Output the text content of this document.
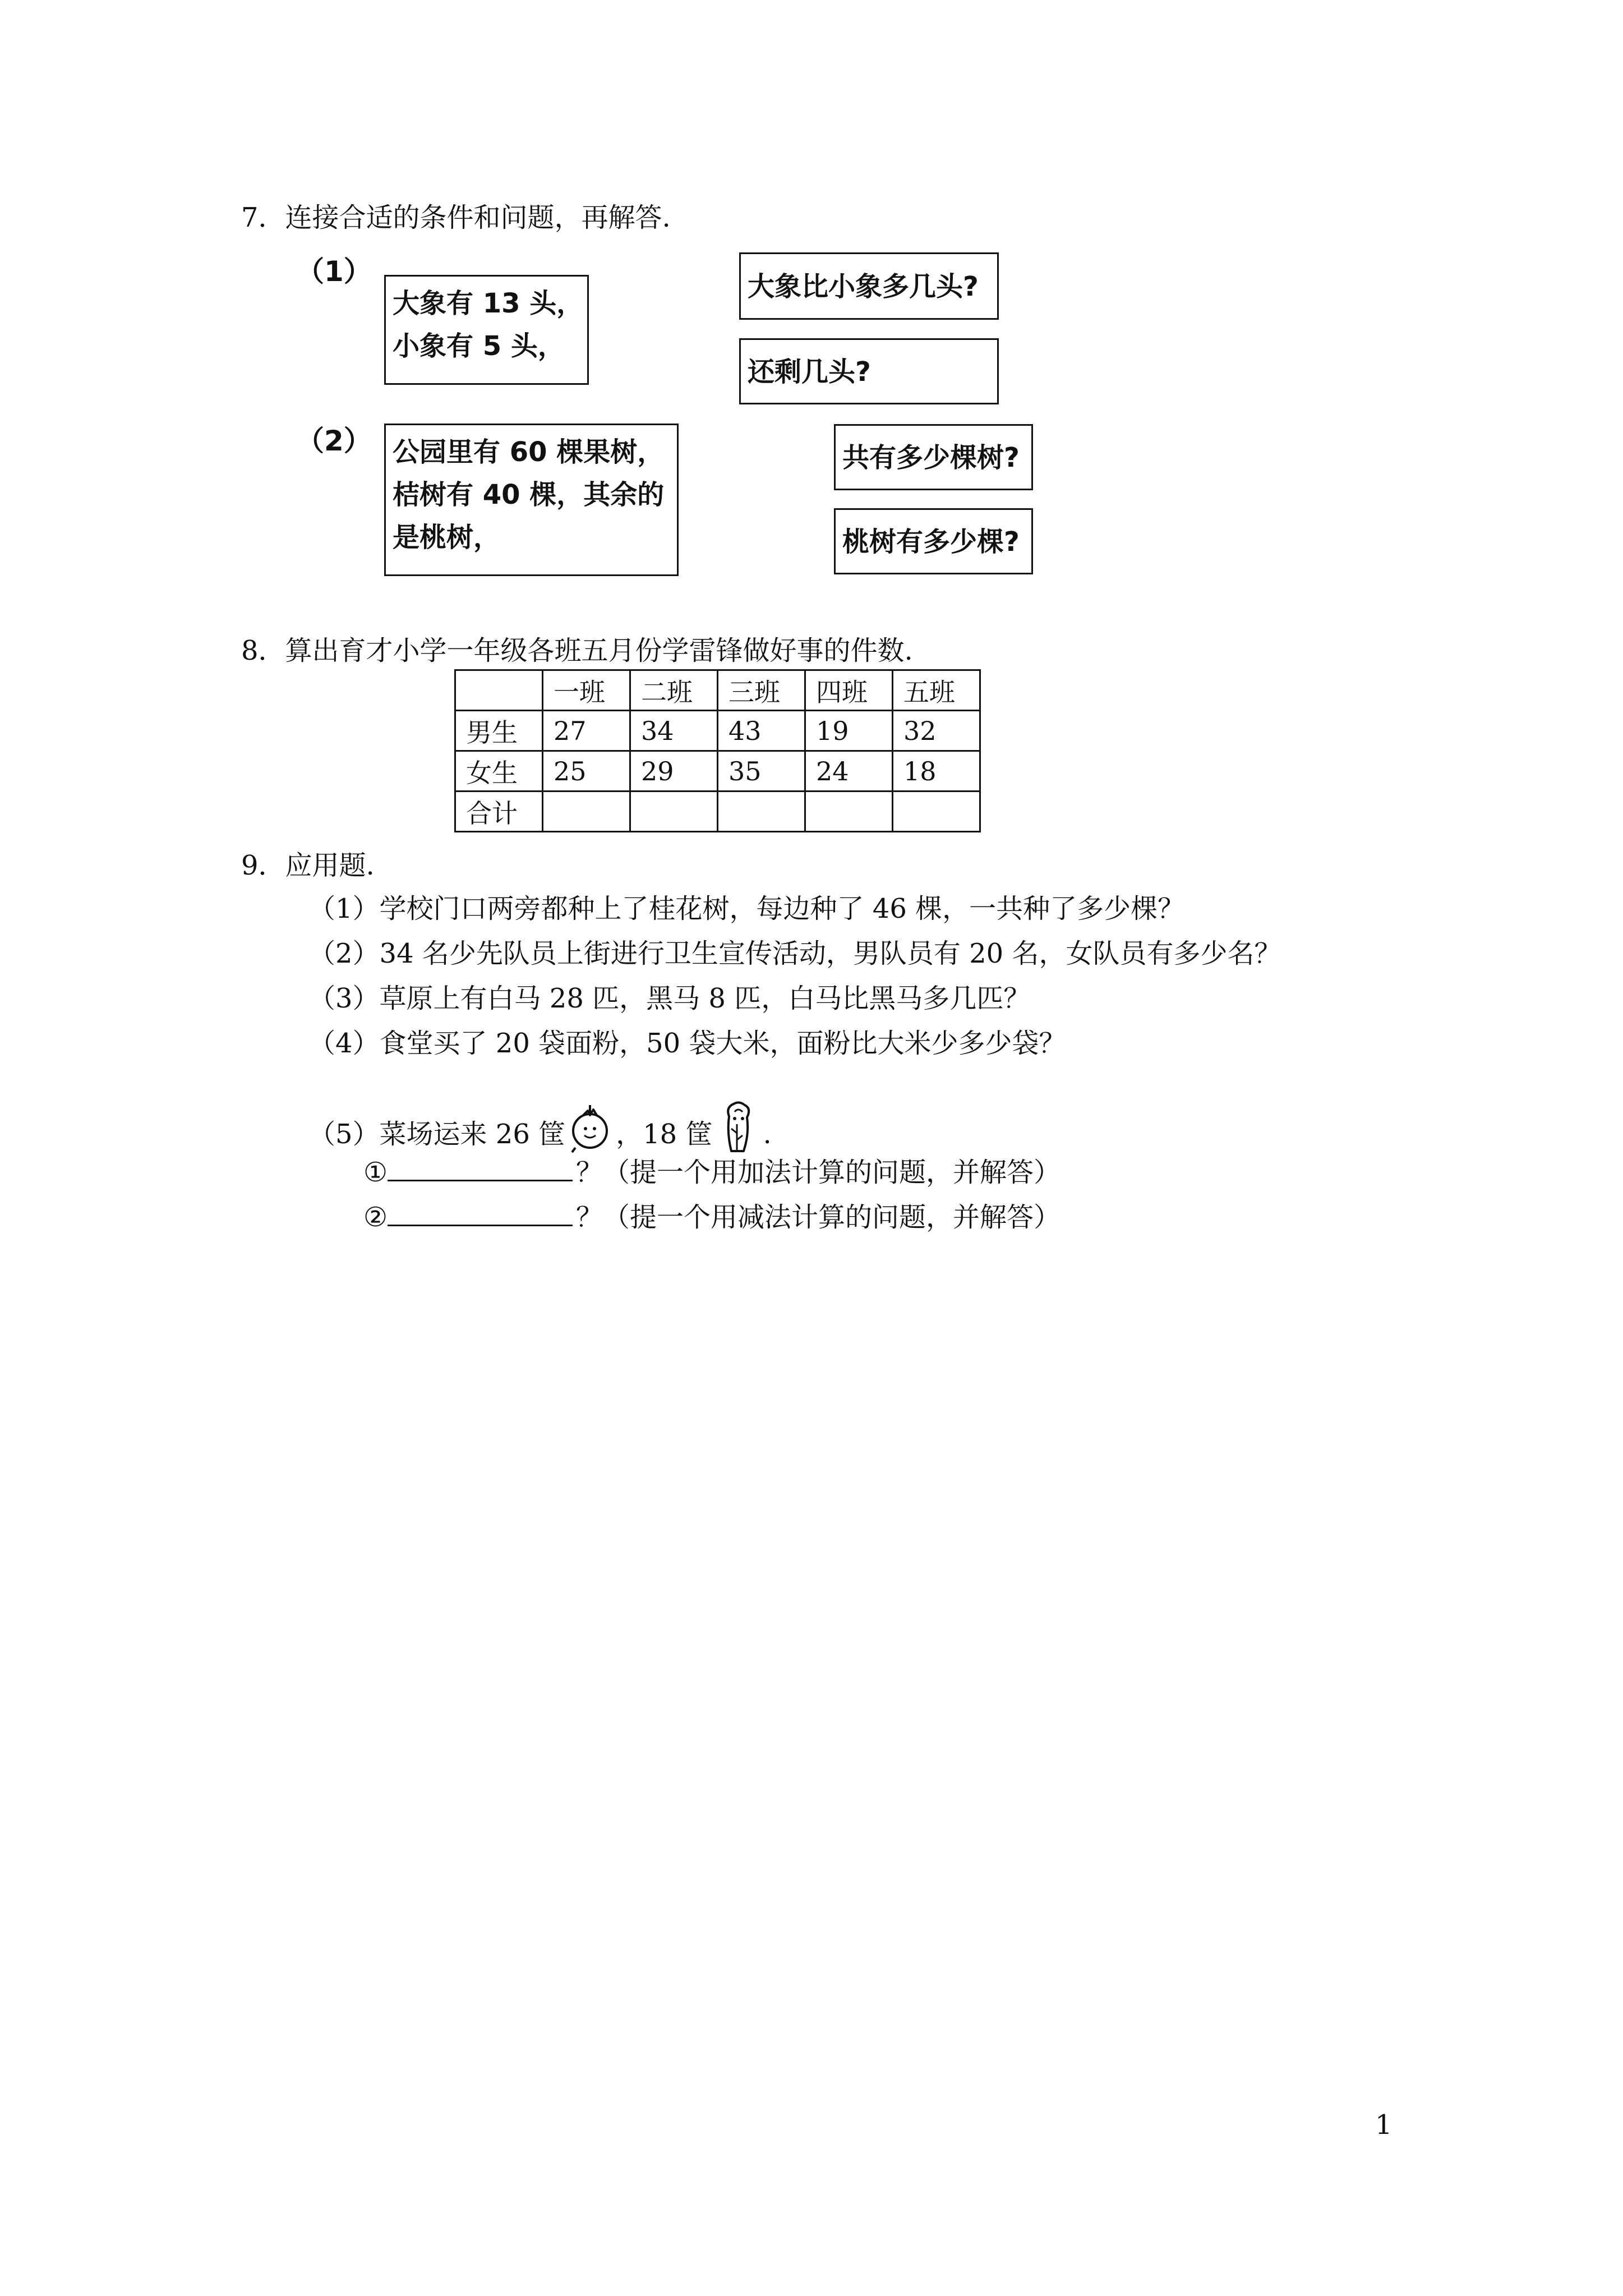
7．连接合适的条件和问题，再解答.
（1）
大象有 13 头，
小象有 5 头，
大象比小象多几头?
还剩几头?
（2） 公园里有 60 棵果树，
桔树有 40 棵，其余的
是桃树，
共有多少棵树?
桃树有多少棵?
8．算出育才小学一年级各班五月份学雷锋做好事的件数.
	一班	二班	三班	四班	五班
男生	27	34	43	19	32
女生	25	29	35	24	18
合计					
9．应用题.
（1）学校门口两旁都种上了桂花树，每边种了 46 棵，一共种了多少棵？
（2）34 名少先队员上街进行卫生宣传活动，男队员有 20 名，女队员有多少名？
（3）草原上有白马 28 匹，黑马 8 匹，白马比黑马多几匹？
（4）食堂买了 20 袋面粉，50 袋大米，面粉比大米少多少袋？
（5）菜场运来 26 筐 ，18 筐 .
①	？（提一个用加法计算的问题，并解答）
②	？（提一个用减法计算的问题，并解答）
1
